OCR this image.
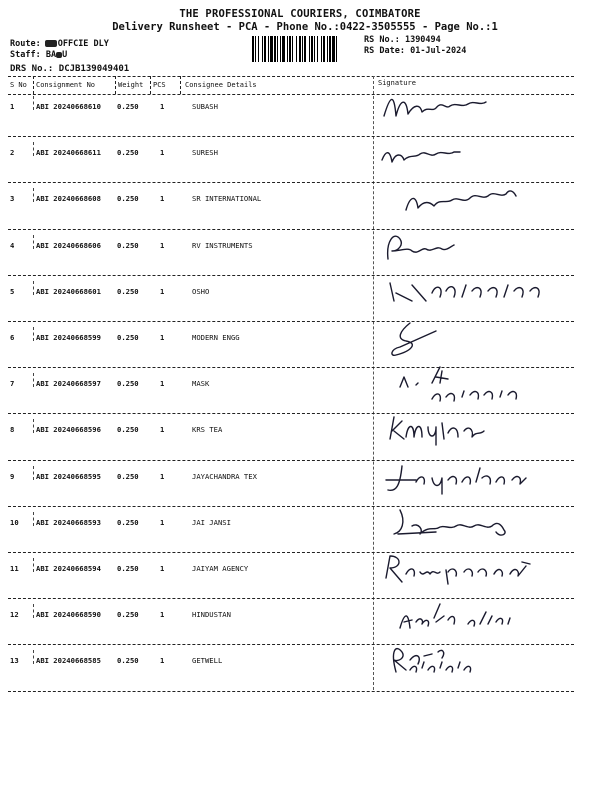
THE PROFESSIONAL COURIERS, COIMBATORE
Delivery Runsheet - PCA - Phone No.:0422-3505555 - Page No.:1
Route: OFFCIE DLY
Staff: BA U
RS No.: 1390494
RS Date: 01-Jul-2024
DRS No.: DCJB139049401
S No Consignment No	Weight PCS	Consignee Details	Signature
1	ABI 20240668610 0.250	1	SUBASH
2	ABI 20240668611 0.250	1	SURESH
3	ABI 20240668608 0.250	1	SR INTERNATIONAL
4	ABI 20240668606 0.250	1	RV INSTRUMENTS
5	ABI 20240668601 0.250	1	OSHO
6	ABI 20240668599 0.250	1	MODERN ENGG
7	ABI 20240668597 0.250	1	MASK
8	ABI 20240668596 0.250	1	KRS TEA
9	ABI 20240668595 0.250	1	JAYACHANDRA TEX
10 ABI 20240668593 0.250	1	JAI JANSI
11 ABI 20240668594 0.250	1	JAIYAM AGENCY
12 ABI 20240668590 0.250	1	HINDUSTAN
13 ABI 20240668585 0.250	1	GETWELL
